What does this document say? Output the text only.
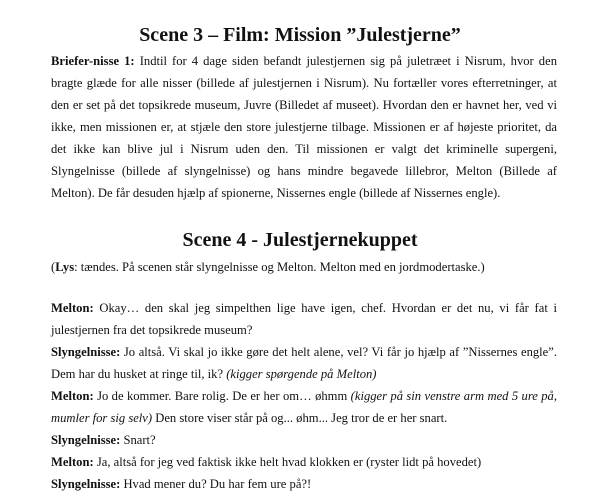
Scene 3 – Film: Mission ”Julestjerne”

Briefer-nisse 1: Indtil for 4 dage siden befandt julestjernen sig på juletræet i Nisrum, hvor den bragte glæde for alle nisser (billede af julestjernen i Nisrum). Nu fortæller vores efterretninger, at den er set på det topsikrede museum, Juvre (Billedet af museet). Hvordan den er havnet her, ved vi ikke, men missionen er, at stjæle den store julestjerne tilbage. Missionen er af højeste prioritet, da det ikke kan blive jul i Nisrum uden den. Til missionen er valgt det kriminelle supergeni, Slyngelnisse (billede af slyngelnisse) og hans mindre begavede lillebror, Melton (Billede af Melton). De får desuden hjælp af spionerne, Nissernes engle (billede af Nissernes engle).

Scene 4 - Julestjernekuppet

(Lys: tændes. På scenen står slyngelnisse og Melton. Melton med en jordmodertaske.)

Melton: Okay… den skal jeg simpelthen lige have igen, chef. Hvordan er det nu, vi får fat i julestjernen fra det topsikrede museum?

Slyngelnisse: Jo altså. Vi skal jo ikke gøre det helt alene, vel? Vi får jo hjælp af ”Nissernes engle”. Dem har du husket at ringe til, ik? (kigger spørgende på Melton)

Melton: Jo de kommer. Bare rolig. De er her om… øhmm (kigger på sin venstre arm med 5 ure på, mumler for sig selv) Den store viser står på og... øhm... Jeg tror de er her snart.

Slyngelnisse: Snart?

Melton: Ja, altså for jeg ved faktisk ikke helt hvad klokken er (ryster lidt på hovedet)

Slyngelnisse: Hvad mener du? Du har fem ure på?!
